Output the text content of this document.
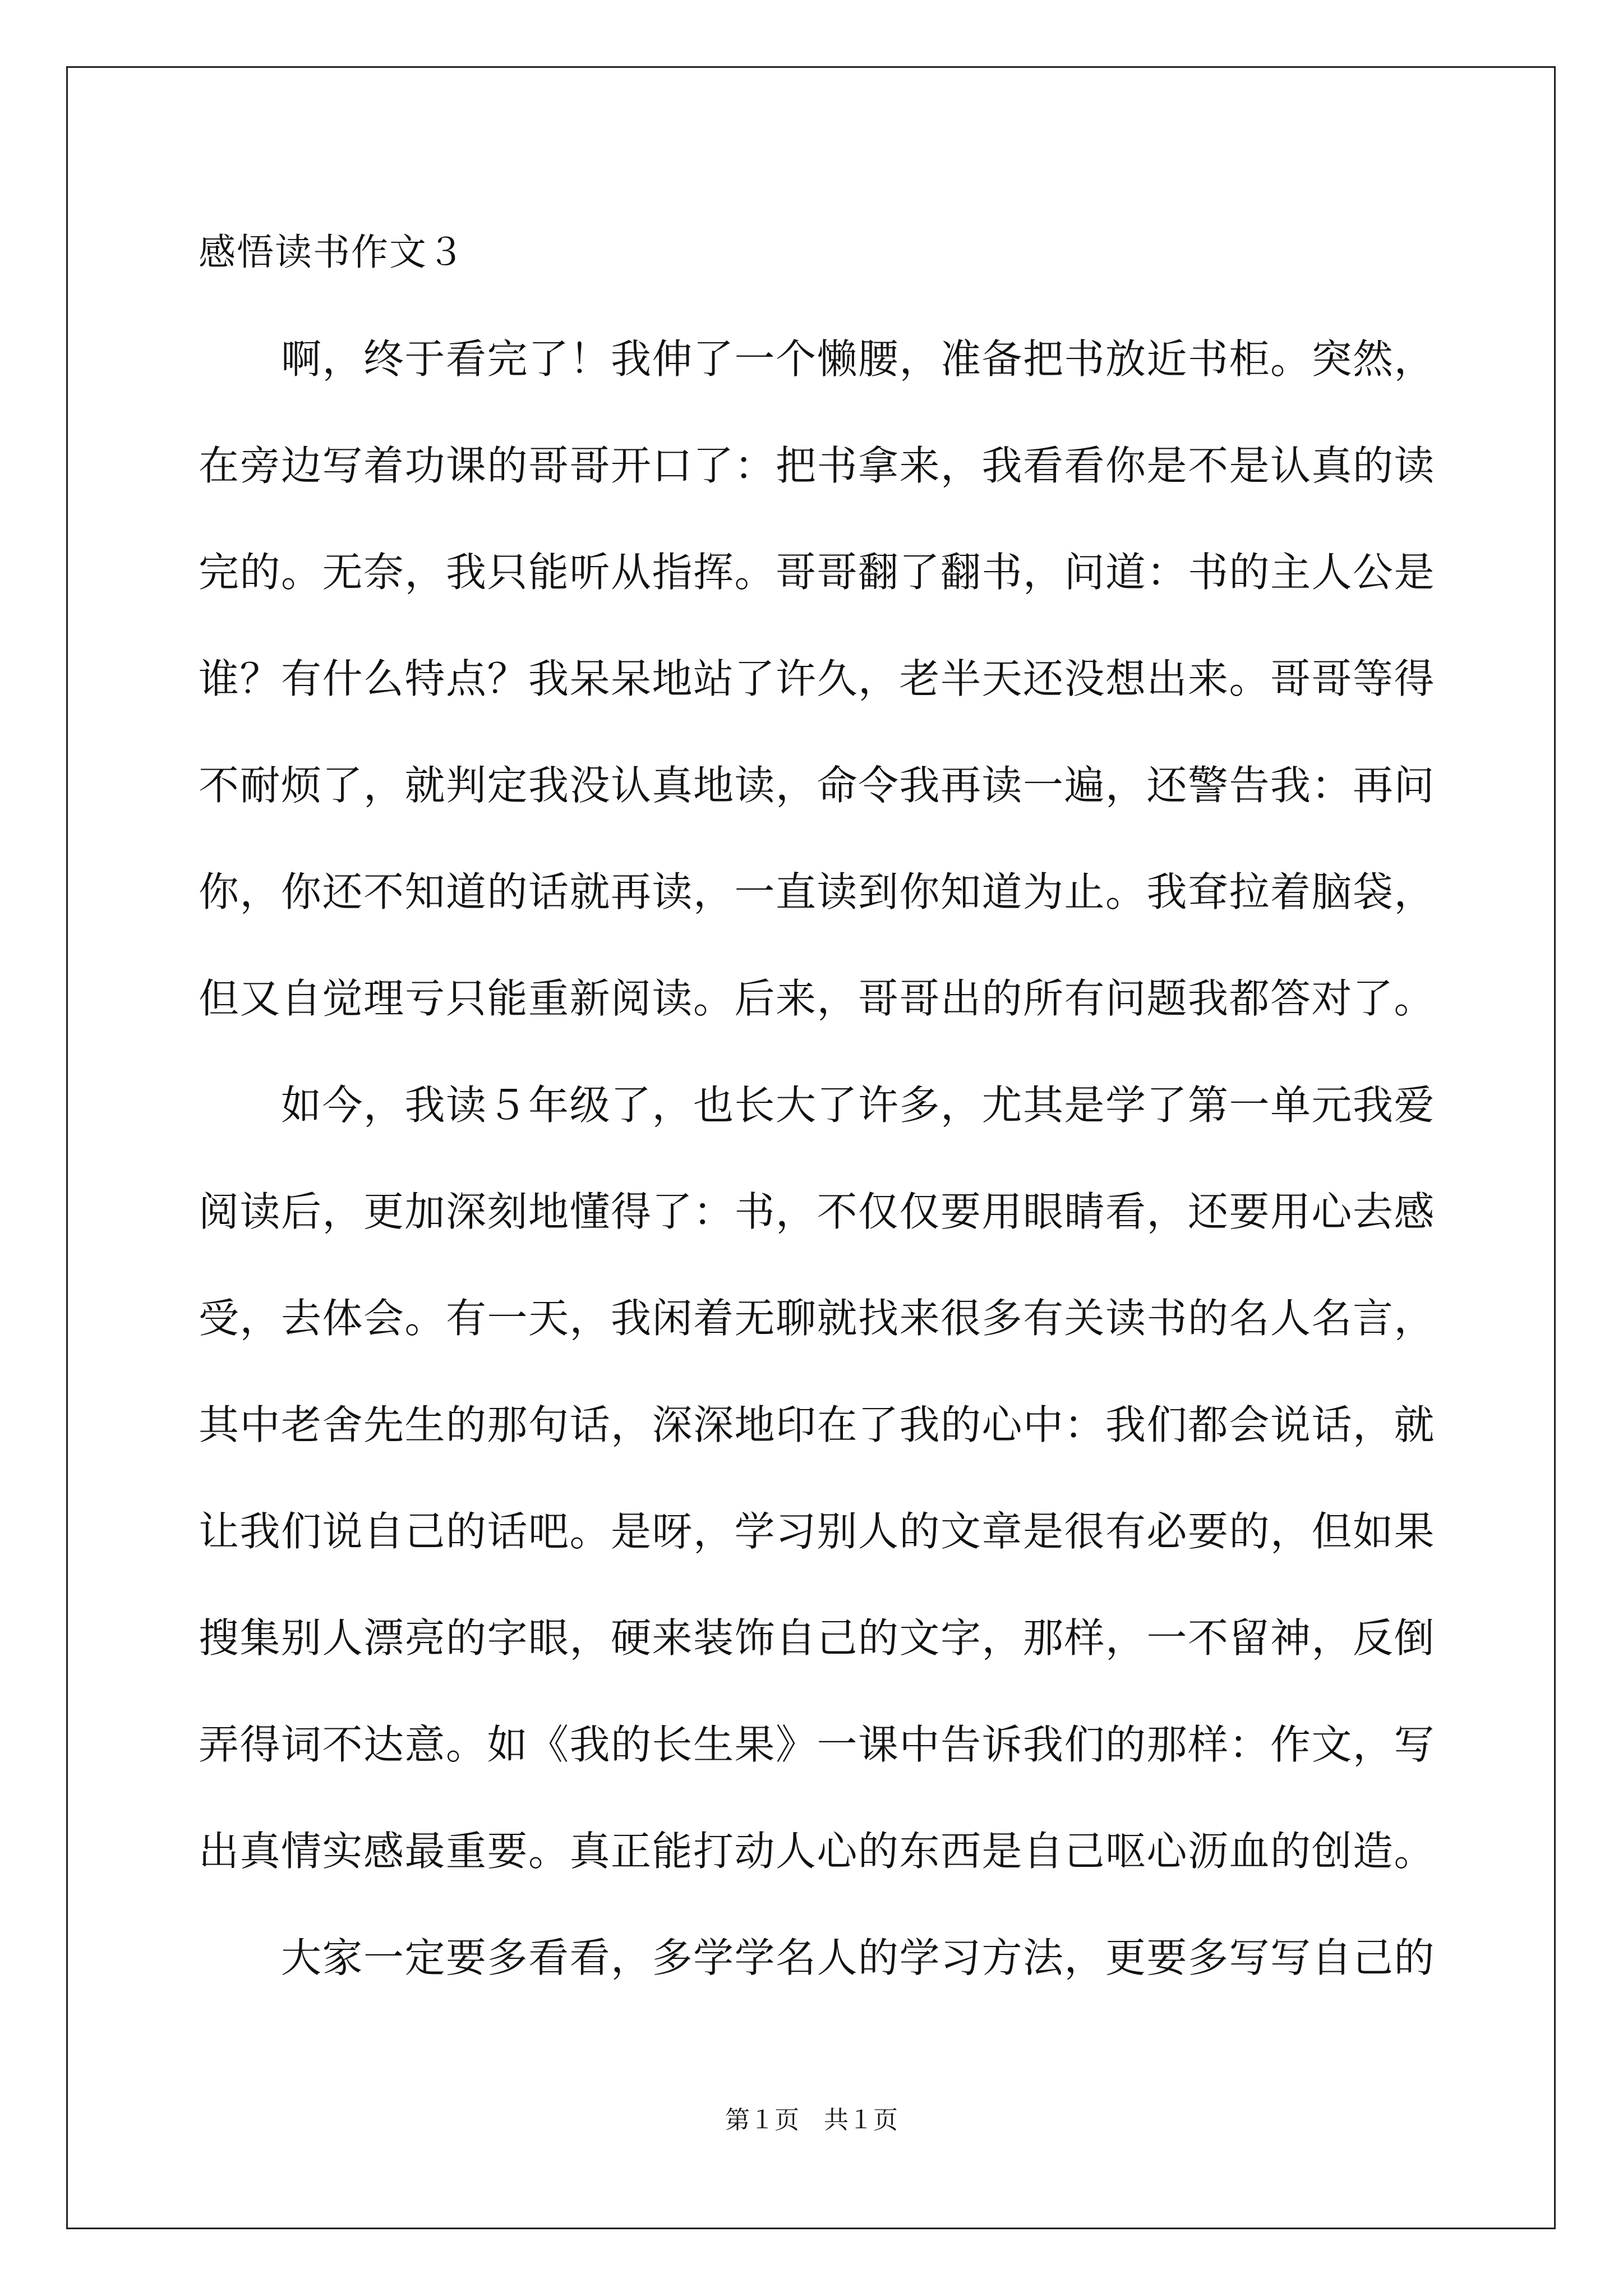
感悟读书作文３
　　啊，终于看完了！我伸了一个懒腰，准备把书放近书柜。突然，
在旁边写着功课的哥哥开口了：把书拿来，我看看你是不是认真的读
完的。无奈，我只能听从指挥。哥哥翻了翻书，问道：书的主人公是
谁？有什么特点？我呆呆地站了许久，老半天还没想出来。哥哥等得
不耐烦了，就判定我没认真地读，命令我再读一遍，还警告我：再问
你，你还不知道的话就再读，一直读到你知道为止。我耷拉着脑袋，
但又自觉理亏只能重新阅读。后来，哥哥出的所有问题我都答对了。
　　如今，我读５年级了，也长大了许多，尤其是学了第一单元我爱
阅读后，更加深刻地懂得了：书，不仅仅要用眼睛看，还要用心去感
受，去体会。有一天，我闲着无聊就找来很多有关读书的名人名言，
其中老舍先生的那句话，深深地印在了我的心中：我们都会说话，就
让我们说自己的话吧。是呀，学习别人的文章是很有必要的，但如果
搜集别人漂亮的字眼，硬来装饰自己的文字，那样，一不留神，反倒
弄得词不达意。如《我的长生果》一课中告诉我们的那样：作文，写
出真情实感最重要。真正能打动人心的东西是自己呕心沥血的创造。
　　大家一定要多看看，多学学名人的学习方法，更要多写写自己的
第１页　共１页
